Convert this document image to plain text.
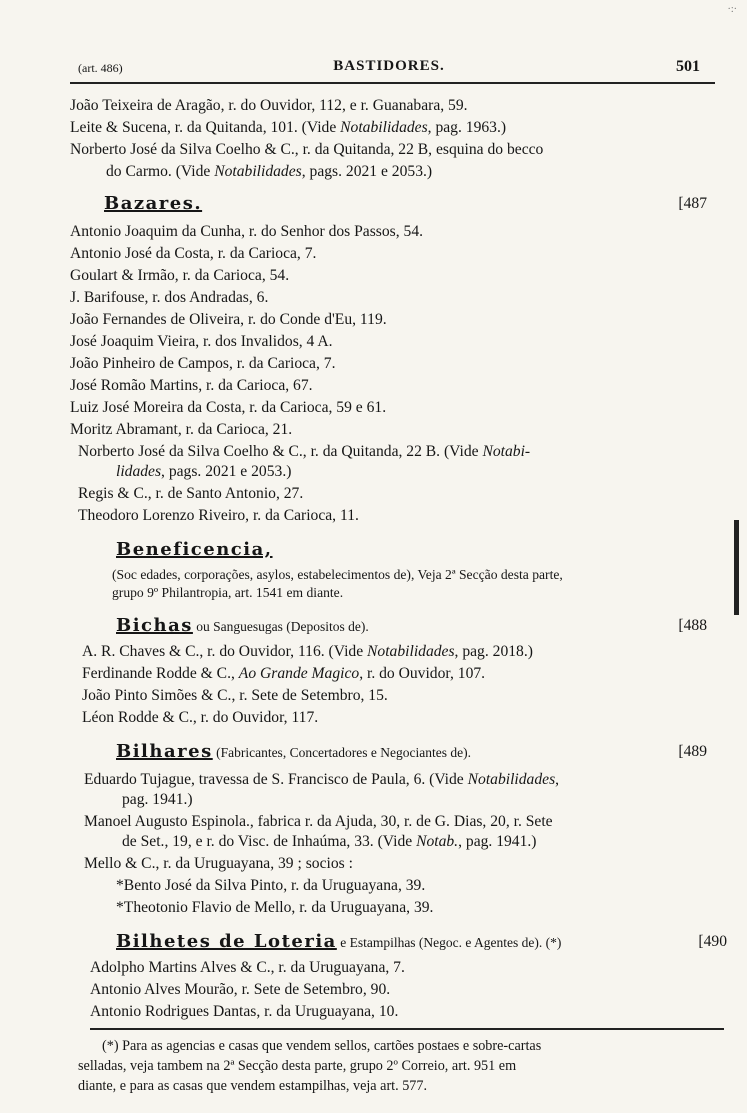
(art. 486)	BASTIDORES.	501
·:·
João Teixeira de Aragão, r. do Ouvidor, 112, e r. Guanabara, 59.
Leite & Sucena, r. da Quitanda, 101. (Vide Notabilidades, pag. 1963.)
Norberto José da Silva Coelho & C., r. da Quitanda, 22 B, esquina do becco
do Carmo. (Vide Notabilidades, pags. 2021 e 2053.)
Bazares.	[487
Antonio Joaquim da Cunha, r. do Senhor dos Passos, 54.
Antonio José da Costa, r. da Carioca, 7.
Goulart & Irmão, r. da Carioca, 54.
J. Barifouse, r. dos Andradas, 6.
João Fernandes de Oliveira, r. do Conde d'Eu, 119.
José Joaquim Vieira, r. dos Invalidos, 4 A.
João Pinheiro de Campos, r. da Carioca, 7.
José Romão Martins, r. da Carioca, 67.
Luiz José Moreira da Costa, r. da Carioca, 59 e 61.
Moritz Abramant, r. da Carioca, 21.
Norberto José da Silva Coelho & C., r. da Quitanda, 22 B. (Vide Notabi-
lidades, pags. 2021 e 2053.)
Regis & C., r. de Santo Antonio, 27.
Theodoro Lorenzo Riveiro, r. da Carioca, 11.
Beneficencia,
(Soc edades, corporações, asylos, estabelecimentos de), Veja 2ª Secção desta parte,
grupo 9º Philantropia, art. 1541 em diante.
Bichas ou Sanguesugas (Depositos de).	[488
A. R. Chaves & C., r. do Ouvidor, 116. (Vide Notabilidades, pag. 2018.)
Ferdinande Rodde & C., Ao Grande Magico, r. do Ouvidor, 107.
João Pinto Simões & C., r. Sete de Setembro, 15.
Léon Rodde & C., r. do Ouvidor, 117.
Bilhares (Fabricantes, Concertadores e Negociantes de).	[489
Eduardo Tujague, travessa de S. Francisco de Paula, 6. (Vide Notabilidades,
pag. 1941.)
Manoel Augusto Espinola., fabrica r. da Ajuda, 30, r. de G. Dias, 20, r. Sete
de Set., 19, e r. do Visc. de Inhaúma, 33. (Vide Notab., pag. 1941.)
Mello & C., r. da Uruguayana, 39 ; socios :
*Bento José da Silva Pinto, r. da Uruguayana, 39.
*Theotonio Flavio de Mello, r. da Uruguayana, 39.
Bilhetes de Loteria e Estampilhas (Negoc. e Agentes de). (*)	[490
Adolpho Martins Alves & C., r. da Uruguayana, 7.
Antonio Alves Mourão, r. Sete de Setembro, 90.
Antonio Rodrigues Dantas, r. da Uruguayana, 10.
(*) Para as agencias e casas que vendem sellos, cartões postaes e sobre-cartas
selladas, veja tambem na 2ª Secção desta parte, grupo 2º Correio, art. 951 em
diante, e para as casas que vendem estampilhas, veja art. 577.
